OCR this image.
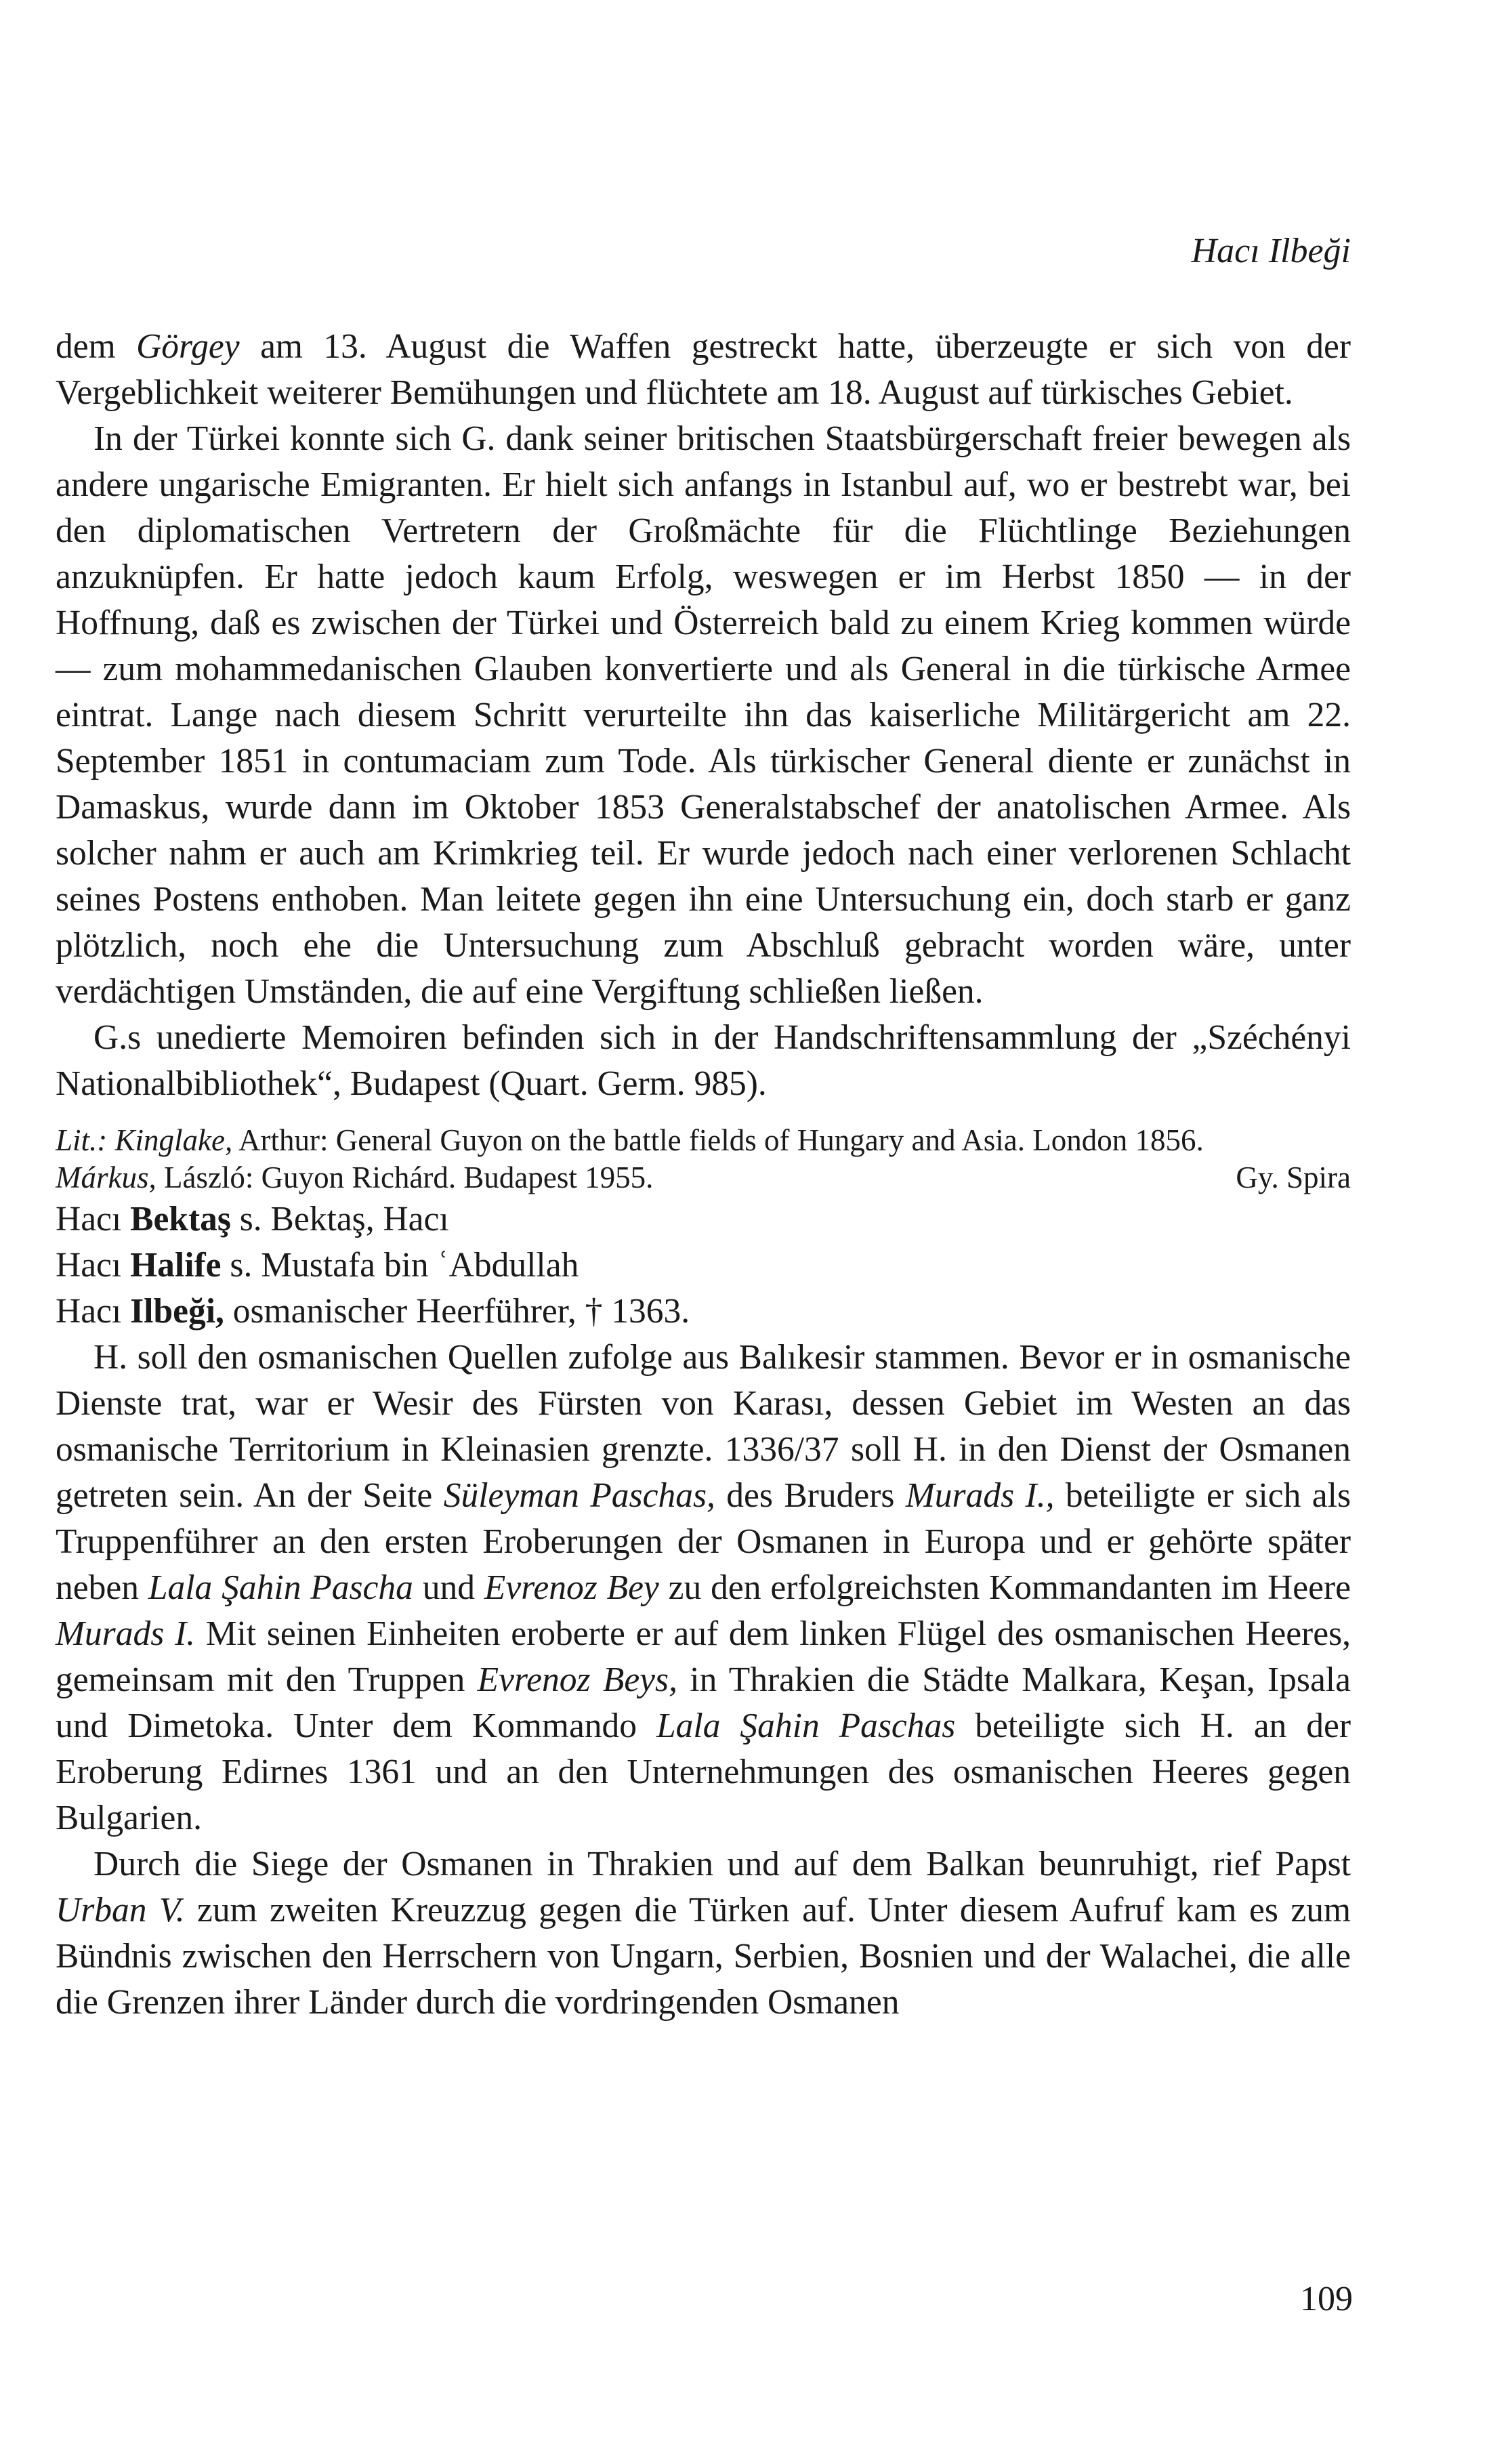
Hacı Ilbeği

dem Görgey am 13. August die Waffen gestreckt hatte, überzeugte er sich von der Vergeblichkeit weiterer Bemühungen und flüchtete am 18. August auf türkisches Gebiet.

In der Türkei konnte sich G. dank seiner britischen Staatsbürgerschaft freier bewegen als andere ungarische Emigranten. Er hielt sich anfangs in Istanbul auf, wo er bestrebt war, bei den diplomatischen Vertretern der Großmächte für die Flüchtlinge Beziehungen anzuknüpfen. Er hatte jedoch kaum Erfolg, weswegen er im Herbst 1850 — in der Hoffnung, daß es zwischen der Türkei und Österreich bald zu einem Krieg kommen würde — zum mohammedanischen Glauben konvertierte und als General in die türkische Armee eintrat. Lange nach diesem Schritt verurteilte ihn das kaiserliche Militärgericht am 22. September 1851 in contumaciam zum Tode. Als türkischer General diente er zunächst in Damaskus, wurde dann im Oktober 1853 Generalstabschef der anatolischen Armee. Als solcher nahm er auch am Krimkrieg teil. Er wurde jedoch nach einer verlorenen Schlacht seines Postens enthoben. Man leitete gegen ihn eine Untersuchung ein, doch starb er ganz plötzlich, noch ehe die Untersuchung zum Abschluß gebracht worden wäre, unter verdächtigen Umständen, die auf eine Vergiftung schließen ließen.

G.s unedierte Memoiren befinden sich in der Handschriftensammlung der „Széchényi Nationalbibliothek“, Budapest (Quart. Germ. 985).

Lit.: Kinglake, Arthur: General Guyon on the battle fields of Hungary and Asia. London 1856.
Márkus, László: Guyon Richárd. Budapest 1955.	Gy. Spira

Hacı Bektaş s. Bektaş, Hacı

Hacı Halife s. Mustafa bin ʿAbdullah

Hacı Ilbeği, osmanischer Heerführer, † 1363.

H. soll den osmanischen Quellen zufolge aus Balıkesir stammen. Bevor er in osmanische Dienste trat, war er Wesir des Fürsten von Karası, dessen Gebiet im Westen an das osmanische Territorium in Kleinasien grenzte. 1336/37 soll H. in den Dienst der Osmanen getreten sein. An der Seite Süleyman Paschas, des Bruders Murads I., beteiligte er sich als Truppenführer an den ersten Eroberungen der Osmanen in Europa und er gehörte später neben Lala Şahin Pascha und Evrenoz Bey zu den erfolgreichsten Kommandanten im Heere Murads I. Mit seinen Einheiten eroberte er auf dem linken Flügel des osmanischen Heeres, gemeinsam mit den Truppen Evrenoz Beys, in Thrakien die Städte Malkara, Keşan, Ipsala und Dimetoka. Unter dem Kommando Lala Şahin Paschas beteiligte sich H. an der Eroberung Edirnes 1361 und an den Unternehmungen des osmanischen Heeres gegen Bulgarien.

Durch die Siege der Osmanen in Thrakien und auf dem Balkan beunruhigt, rief Papst Urban V. zum zweiten Kreuzzug gegen die Türken auf. Unter diesem Aufruf kam es zum Bündnis zwischen den Herrschern von Ungarn, Serbien, Bosnien und der Walachei, die alle die Grenzen ihrer Länder durch die vordringenden Osmanen

109
